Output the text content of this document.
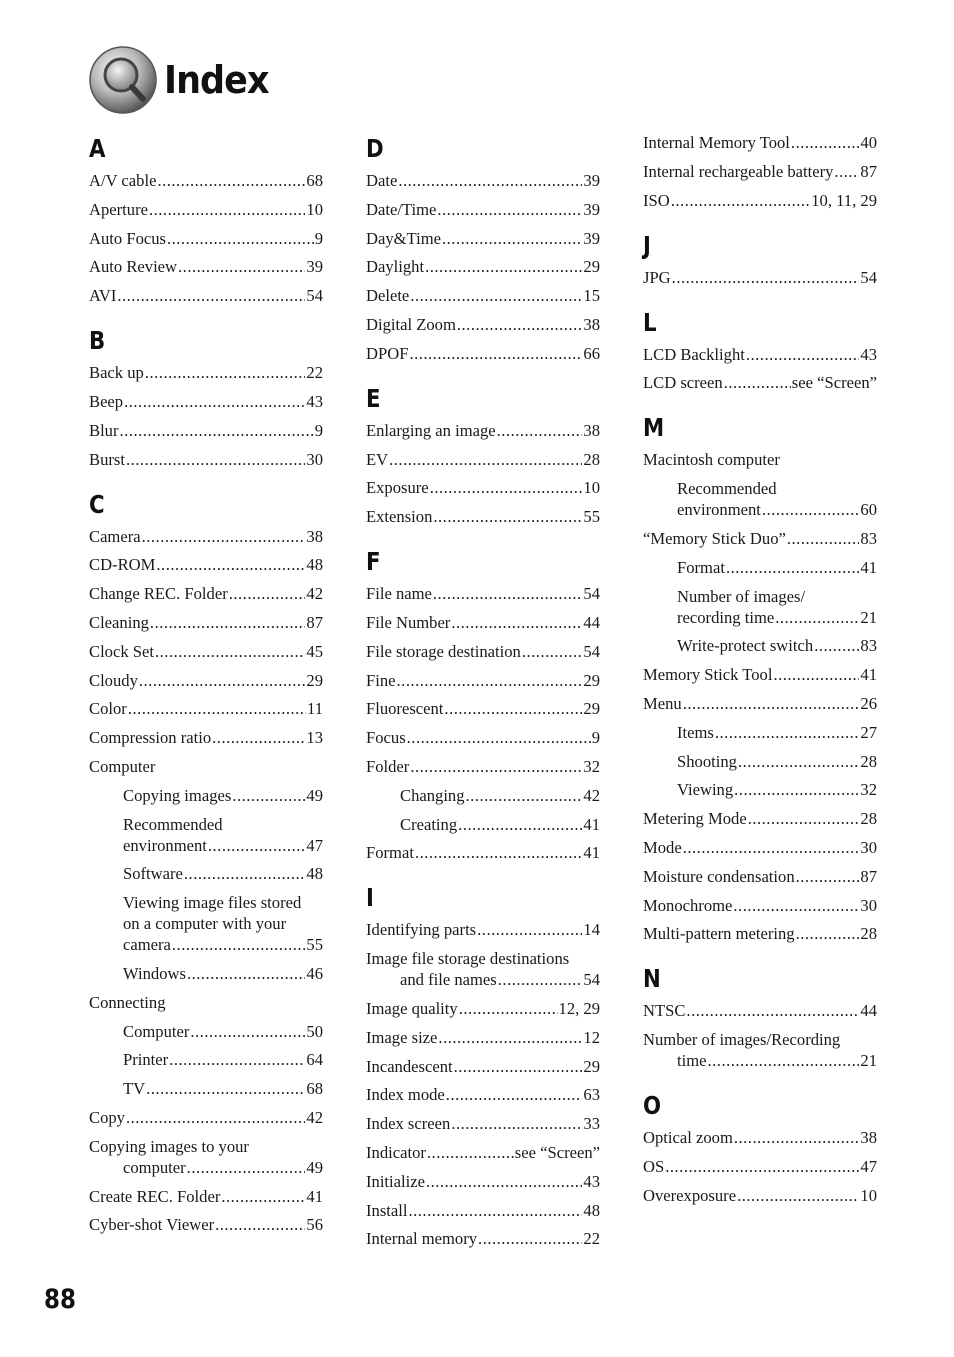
Index
A
A/V cable .....	68
Aperture .....	10
Auto Focus .....	9
Auto Review .....	39
AVI .....	54
B
Back up .....	22
Beep .....	43
Blur .....	9
Burst .....	30
C
Camera .....	38
CD-ROM .....	48
Change REC. Folder .....	42
Cleaning .....	87
Clock Set .....	45
Cloudy .....	29
Color .....	11
Compression ratio .....	13
Computer
Copying images .....	49
Recommended
environment .....	47
Software .....	48
Viewing image files stored
on a computer with your
camera .....	55
Windows .....	46
Connecting
Computer .....	50
Printer .....	64
TV .....	68
Copy .....	42
Copying images to your
computer .....	49
Create REC. Folder .....	41
Cyber-shot Viewer .....	56
D
Date .....	39
Date/Time .....	39
Day&Time .....	39
Daylight .....	29
Delete .....	15
Digital Zoom .....	38
DPOF .....	66
E
Enlarging an image .....	38
EV .....	28
Exposure .....	10
Extension .....	55
F
File name .....	54
File Number .....	44
File storage destination .....	54
Fine .....	29
Fluorescent .....	29
Focus .....	9
Folder .....	32
Changing .....	42
Creating .....	41
Format .....	41
I
Identifying parts .....	14
Image file storage destinations
and file names .....	54
Image quality .....	12, 29
Image size .....	12
Incandescent .....	29
Index mode .....	63
Index screen .....	33
Indicator .....	see “Screen”
Initialize .....	43
Install .....	48
Internal memory .....	22
Internal Memory Tool .....	40
Internal rechargeable battery ..... 87
ISO .....	10, 11, 29
J
JPG .....	54
L
LCD Backlight .....	43
LCD screen .....	see “Screen”
M
Macintosh computer
Recommended
environment .....	60
“Memory Stick Duo” .....	83
Format .....	41
Number of images/
recording time .....	21
Write-protect switch .....	83
Memory Stick Tool .....	41
Menu .....	26
Items .....	27
Shooting .....	28
Viewing .....	32
Metering Mode .....	28
Mode .....	30
Moisture condensation .....	87
Monochrome .....	30
Multi-pattern metering .....	28
N
NTSC .....	44
Number of images/Recording
time .....	21
O
Optical zoom .....	38
OS .....	47
Overexposure .....	10
88
